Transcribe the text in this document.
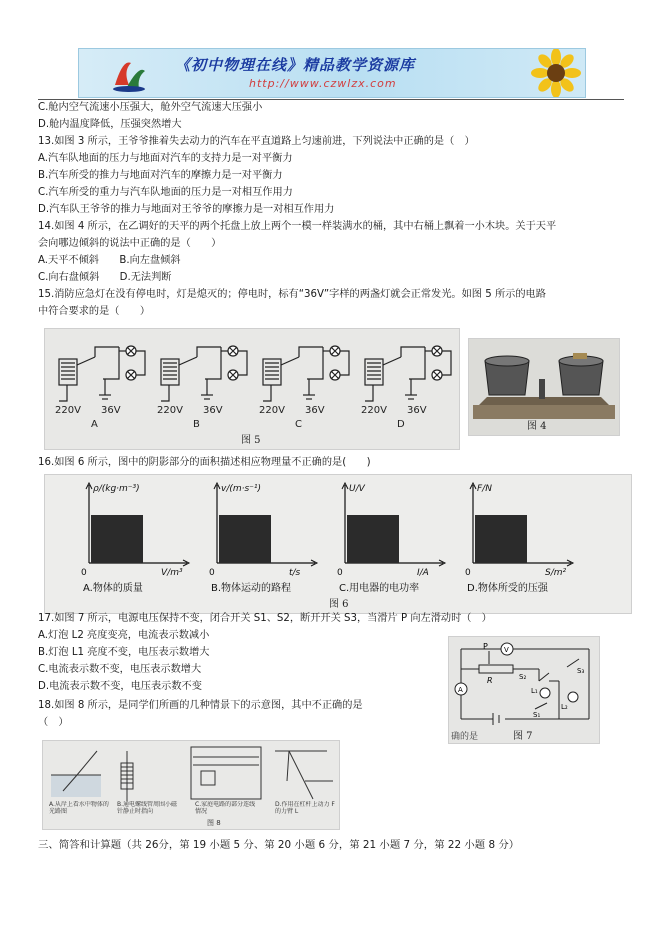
《初中物理在线》精品教学资源库
http://www.czwlzx.com
C.舱内空气流速小压强大，舱外空气流速大压强小
D.舱内温度降低，压强突然增大
13.如图 3 所示，王爷爷推着失去动力的汽车在平直道路上匀速前进，下列说法中正确的是（　）
A.汽车队地面的压力与地面对汽车的支持力是一对平衡力
B.汽车所受的推力与地面对汽车的摩擦力是一对平衡力
C.汽车所受的重力与汽车队地面的压力是一对相互作用力
D.汽车队王爷爷的推力与地面对王爷爷的摩擦力是一对相互作用力
14.如图 4 所示，在乙调好的天平的两个托盘上放上两个一模一样装满水的桶，其中右桶上飘着一小木块。关于天平
会向哪边倾斜的说法中正确的是（　　）
A.天平不倾斜　　B.向左盘倾斜
C.向右盘倾斜　　D.无法判断
15.消防应急灯在没有停电时，灯是熄灭的；停电时，标有“36V”字样的两盏灯就会正常发光。如图 5 所示的电路
中符合要求的是（　　）
图 5
220V 36V
A
220V 36V
B
220V 36V
C
220V 36V
D	图 4
16.如图 6 所示，图中的阴影部分的面积描述相应物理量不正确的是(　　)
图 6
ρ/(kg·m⁻³)
V/m³
0
A.物体的质量
v/(m·s⁻¹)
t/s
0
B.物体运动的路程
U/V
I/A
0
C.用电器的电功率
F/N
S/m²
0
D.物体所受的压强
17.如图 7 所示，电源电压保持不变，闭合开关 S1、S2，断开开关 S3，当滑片 P 向左滑动时（　）
A.灯泡 L2 亮度变亮，电流表示数减小
B.灯泡 L1 亮度不变，电压表示数增大
C.电流表示数不变，电压表示数增大
D.电流表示数不变，电压表示数不变
18.如图 8 所示，是同学们所画的几种情景下的示意图，其中不正确的是
（　）
A
V
P
R	S₂
S₃
L₁
L₂
S₁
确的是	图 7
A.从岸上看水中物体的光路图
B.通电螺线管周围小磁针静止时指向
C.家庭电路的部分连线情况
D.作用在杠杆上动力 F 的力臂 L
图 8
三、简答和计算题（共 26分，第 19 小题 5 分、第 20 小题 6 分，第 21 小题 7 分，第 22 小题 8 分）
